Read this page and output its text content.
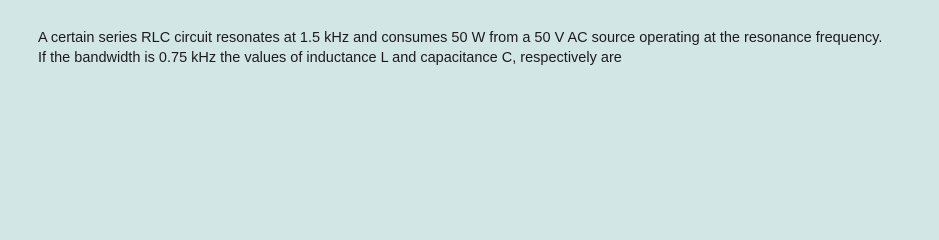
A certain series RLC circuit resonates at 1.5 kHz and consumes 50 W from a 50 V AC source operating at the resonance frequency.
If the bandwidth is 0.75 kHz the values of inductance L and capacitance C, respectively are
